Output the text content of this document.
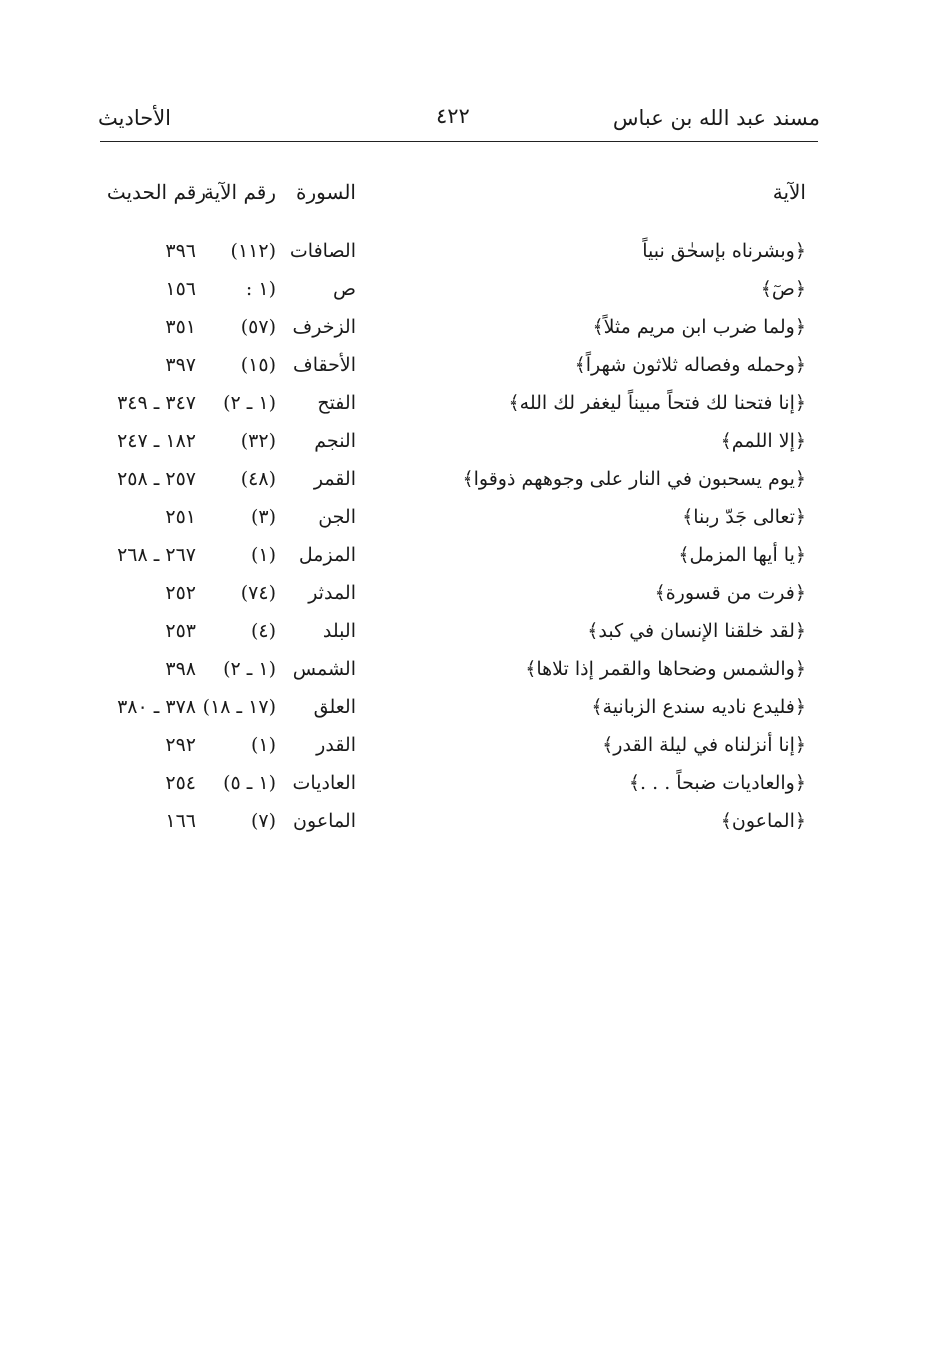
مسند عبد الله بن عباس
٤٢٢
الأحاديث
الآية
السورة
رقم الآية
رقم الحديث
﴿وبشرناه بإسحٰق نبياً
الصافات
(١١٢)
٣٩٦
﴿صٓ﴾
ص
(١ :
١٥٦
﴿ولما ضرب ابن مريم مثلاً﴾
الزخرف
(٥٧)
٣٥١
﴿وحمله وفصاله ثلاثون شهراً﴾
الأحقاف
(١٥)
٣٩٧
﴿إنا فتحنا لك فتحاً مبيناً ليغفر لك الله﴾
الفتح
(١ ـ ٢)
٣٤٧ ـ ٣٤٩
﴿إلا اللمم﴾
النجم
(٣٢)
١٨٢ ـ ٢٤٧
﴿يوم يسحبون في النار على وجوههم ذوقوا﴾
القمر
(٤٨)
٢٥٧ ـ ٢٥٨
﴿تعالى جَدّ ربنا﴾
الجن
(٣)
٢٥١
﴿يا أيها المزمل﴾
المزمل
(١)
٢٦٧ ـ ٢٦٨
﴿فرت من قسورة﴾
المدثر
(٧٤)
٢٥٢
﴿لقد خلقنا الإنسان في كبد﴾
البلد
(٤)
٢٥٣
﴿والشمس وضحاها والقمر إذا تلاها﴾
الشمس
(١ ـ ٢)
٣٩٨
﴿فليدع ناديه سندع الزبانية﴾
العلق
(١٧ ـ ١٨)
٣٧٨ ـ ٣٨٠
﴿إنا أنزلناه في ليلة القدر﴾
القدر
(١)
٢٩٢
﴿والعاديات ضبحاً . . .﴾
العاديات
(١ ـ ٥)
٢٥٤
﴿الماعون﴾
الماعون
(٧)
١٦٦
